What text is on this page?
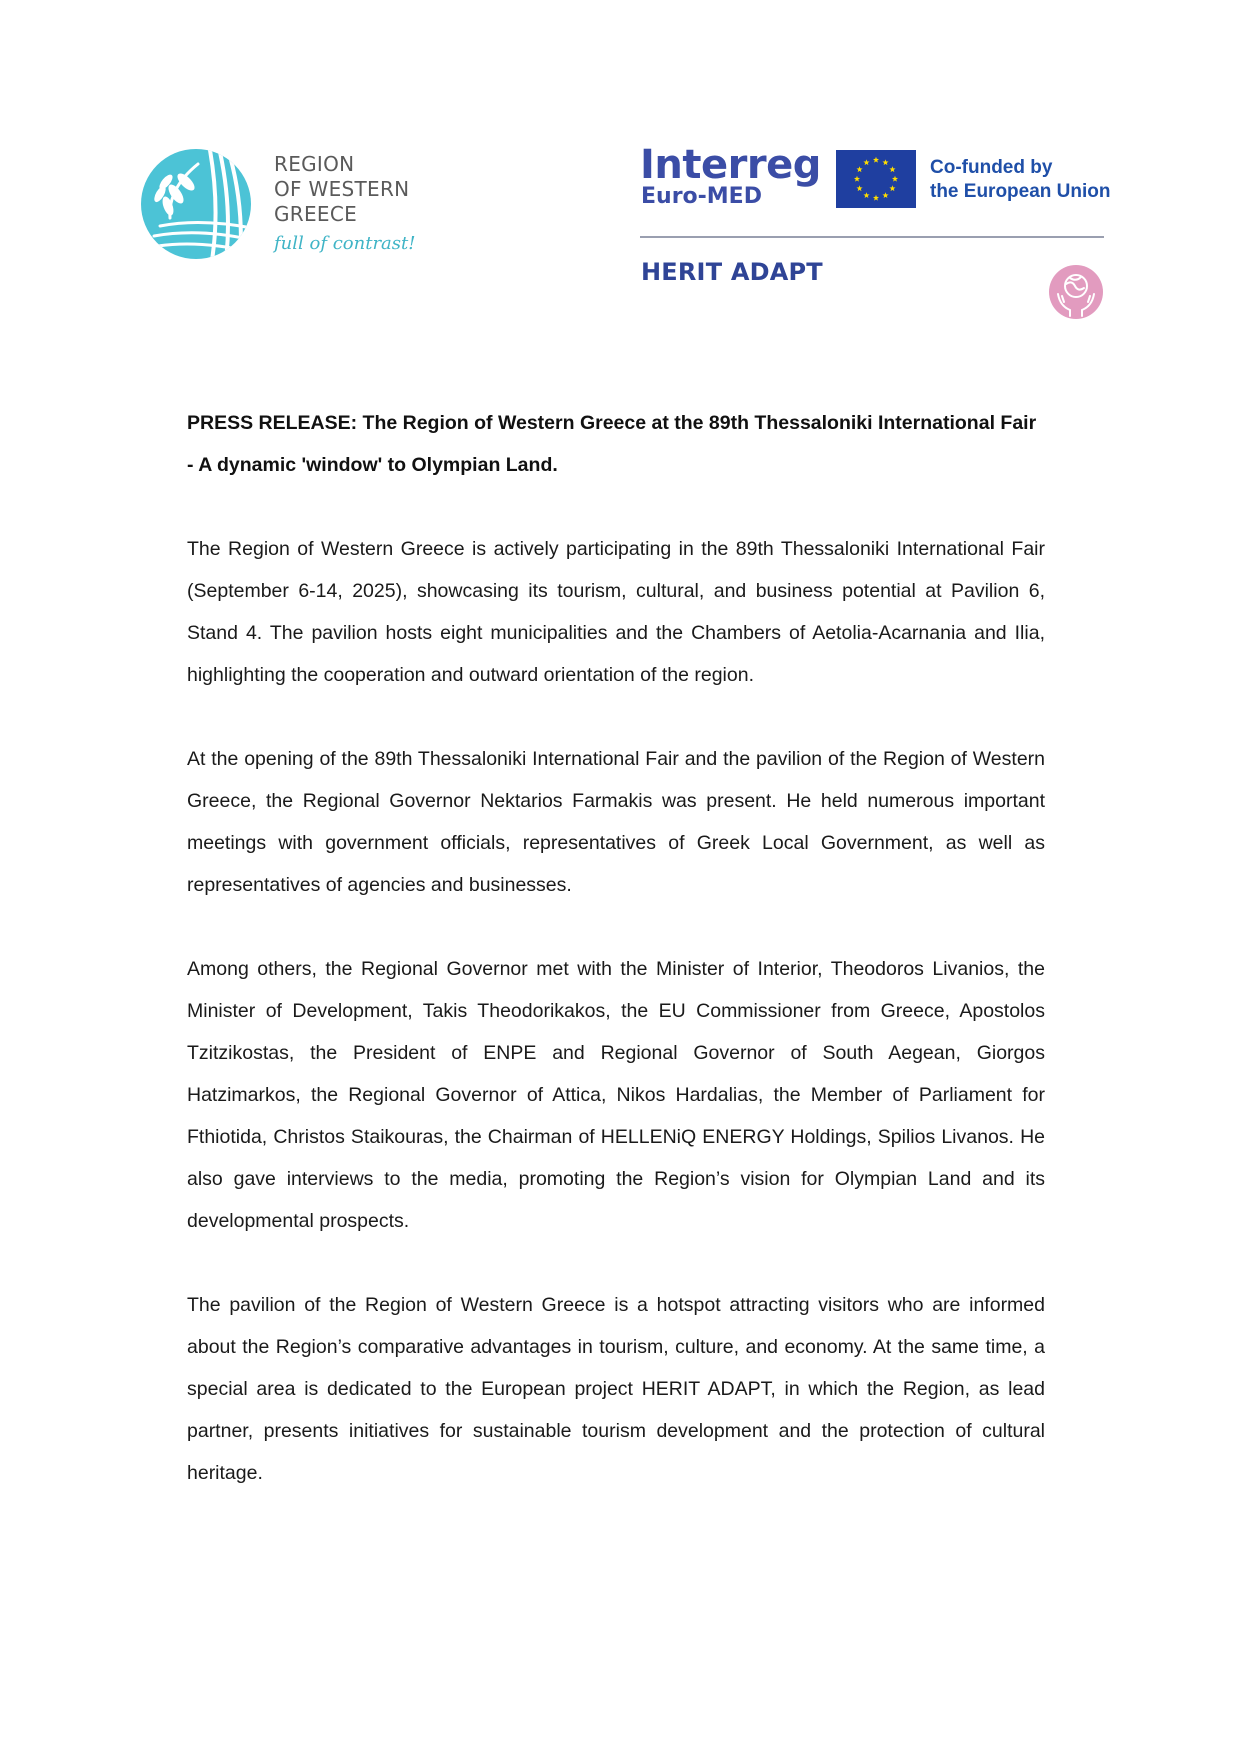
REGION
OF WESTERN
GREECE
full of contrast!
Interreg
Euro-MED
Co-funded by
the European Union
HERIT ADAPT

PRESS RELEASE: The Region of Western Greece at the 89th Thessaloniki International Fair - A dynamic 'window' to Olympian Land.

The Region of Western Greece is actively participating in the 89th Thessaloniki International Fair (September 6-14, 2025), showcasing its tourism, cultural, and business potential at Pavilion 6, Stand 4. The pavilion hosts eight municipalities and the Chambers of Aetolia-Acarnania and Ilia, highlighting the cooperation and outward orientation of the region.

At the opening of the 89th Thessaloniki International Fair and the pavilion of the Region of Western Greece, the Regional Governor Nektarios Farmakis was present. He held numerous important meetings with government officials, representatives of Greek Local Government, as well as representatives of agencies and businesses.

Among others, the Regional Governor met with the Minister of Interior, Theodoros Livanios, the Minister of Development, Takis Theodorikakos, the EU Commissioner from Greece, Apostolos Tzitzikostas, the President of ENPE and Regional Governor of South Aegean, Giorgos Hatzimarkos, the Regional Governor of Attica, Nikos Hardalias, the Member of Parliament for Fthiotida, Christos Staikouras, the Chairman of HELLENiQ ENERGY Holdings, Spilios Livanos. He also gave interviews to the media, promoting the Region’s vision for Olympian Land and its developmental prospects.

The pavilion of the Region of Western Greece is a hotspot attracting visitors who are informed about the Region’s comparative advantages in tourism, culture, and economy. At the same time, a special area is dedicated to the European project HERIT ADAPT, in which the Region, as lead partner, presents initiatives for sustainable tourism development and the protection of cultural heritage.
